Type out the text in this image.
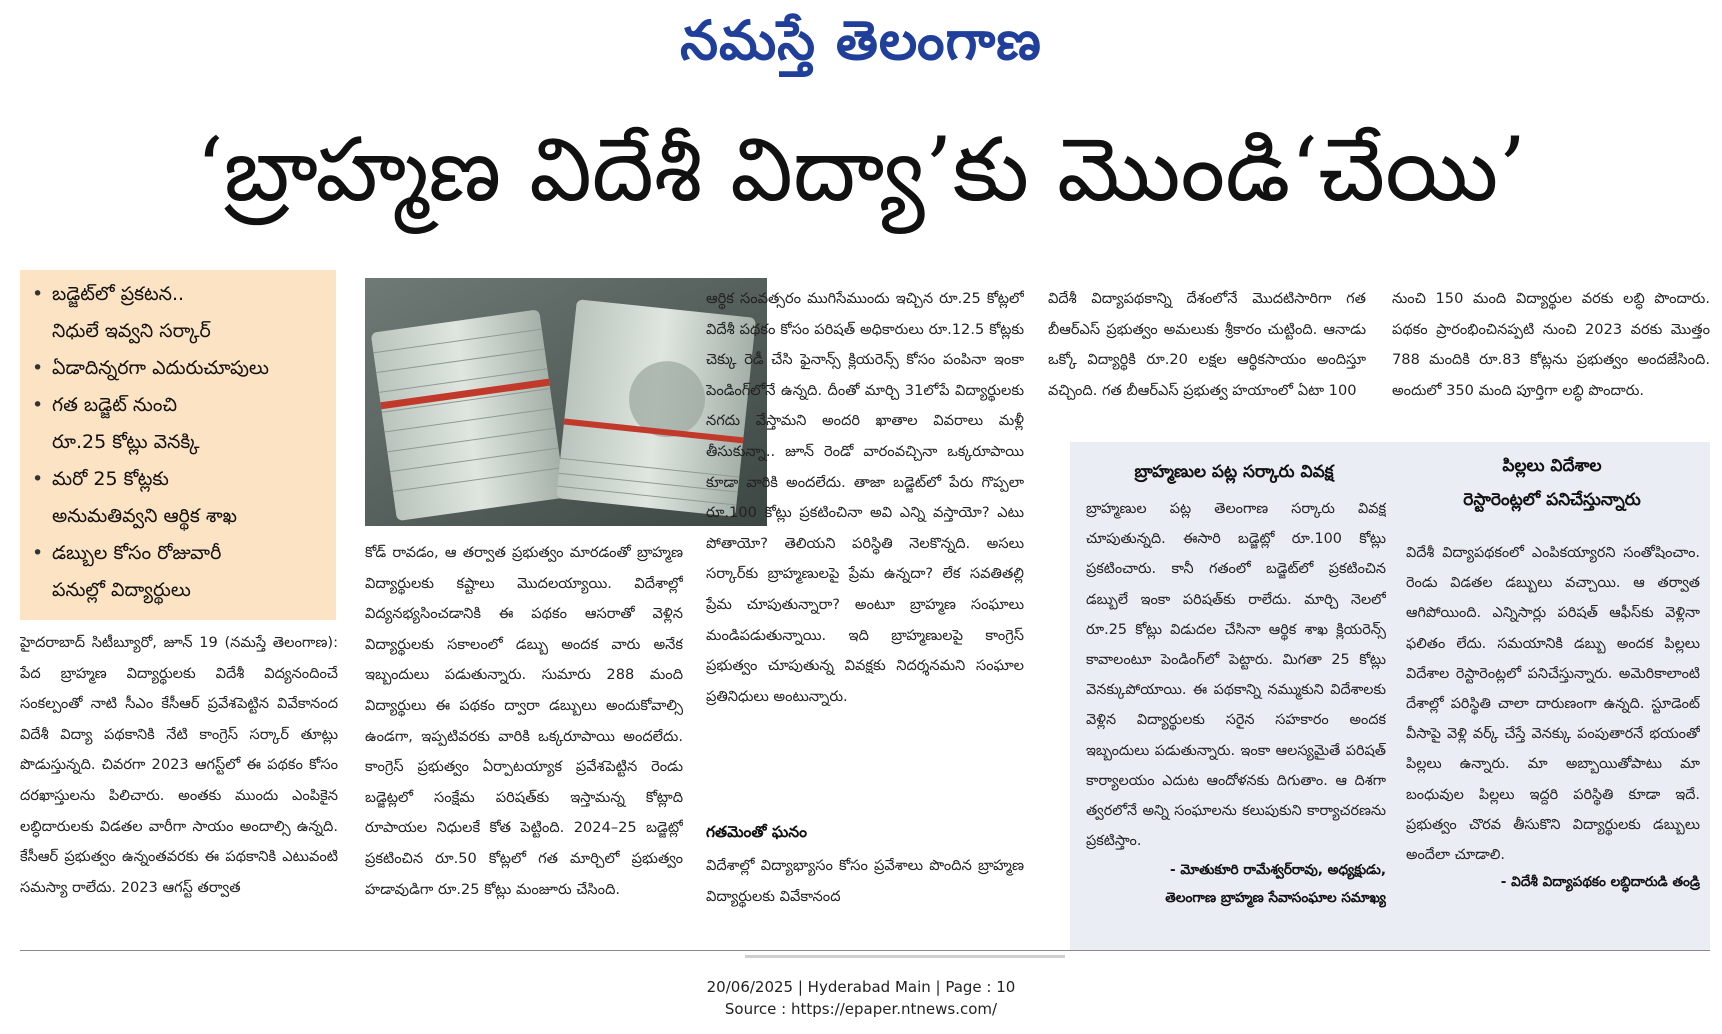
నమస్తే తెలంగాణ
‘బ్రాహ్మణ విదేశీ విద్యా’కు మొండి‘చేయి’
• బడ్జెట్‌లో ప్రకటన..
నిధులే ఇవ్వని సర్కార్
• ఏడాదిన్నరగా ఎదురుచూపులు
• గత బడ్జెట్ నుంచి
రూ.25 కోట్లు వెనక్కి
• మరో 25 కోట్లకు
అనుమతివ్వని ఆర్థిక శాఖ
• డబ్బుల కోసం రోజువారీ
పనుల్లో విద్యార్థులు

హైదరాబాద్ సిటీబ్యూరో, జూన్ 19 (నమస్తే తెలంగాణ): పేద బ్రాహ్మణ విద్యార్థులకు విదేశీ విద్యనందించే సంకల్పంతో నాటి సీఎం కేసీఆర్ ప్రవేశపెట్టిన వివేకానంద విదేశీ విద్యా పథకానికి నేటి కాంగ్రెస్ సర్కార్ తూట్లు పొడుస్తున్నది. చివరగా 2023 ఆగస్ట్‌లో ఈ పథకం కోసం దరఖాస్తులను పిలిచారు. అంతకు ముందు ఎంపికైన లబ్ధిదారులకు విడతల వారీగా సాయం అందాల్సి ఉన్నది. కేసీఆర్ ప్రభుత్వం ఉన్నంతవరకు ఈ పథకానికి ఎటువంటి సమస్యా రాలేదు. 2023 ఆగస్ట్ తర్వాత

కోడ్ రావడం, ఆ తర్వాత ప్రభుత్వం మారడంతో బ్రాహ్మణ విద్యార్థులకు కష్టాలు మొదలయ్యాయి. విదేశాల్లో విద్యనభ్యసించడానికి ఈ పథకం ఆసరాతో వెళ్లిన విద్యార్థులకు సకాలంలో డబ్బు అందక వారు అనేక ఇబ్బందులు పడుతున్నారు. సుమారు 288 మంది విద్యార్థులు ఈ పథకం ద్వారా డబ్బులు అందుకోవాల్సి ఉండగా, ఇప్పటివరకు వారికి ఒక్కరూపాయి అందలేదు. కాంగ్రెస్ ప్రభుత్వం ఏర్పాటయ్యాక ప్రవేశపెట్టిన రెండు బడ్జెట్లలో సంక్షేమ పరిషత్‌కు ఇస్తామన్న కోట్లాది రూపాయల నిధులకే కోత పెట్టింది. 2024–25 బడ్జెట్లో ప్రకటించిన రూ.50 కోట్లలో గత మార్చిలో ప్రభుత్వం హడావుడిగా రూ.25 కోట్లు మంజూరు చేసింది.

ఆర్థిక సంవత్సరం ముగిసేముందు ఇచ్చిన రూ.25 కోట్లలో విదేశీ పథకం కోసం పరిషత్ అధికారులు రూ.12.5 కోట్లకు చెక్కు రెడీ చేసి ఫైనాన్స్ క్లియరెన్స్ కోసం పంపినా ఇంకా పెండింగ్‌లోనే ఉన్నది. దీంతో మార్చి 31లోపే విద్యార్థులకు నగదు వేస్తామని అందరి ఖాతాల వివరాలు మళ్లీ తీసుకున్నా.. జూన్ రెండో వారంవచ్చినా ఒక్కరూపాయి కూడా వారికి అందలేదు. తాజా బడ్జెట్‌లో పేరు గొప్పలా రూ.100 కోట్లు ప్రకటించినా అవి ఎన్ని వస్తాయో? ఎటు పోతాయో? తెలియని పరిస్థితి నెలకొన్నది. అసలు సర్కార్‌కు బ్రాహ్మణులపై ప్రేమ ఉన్నదా? లేక సవతితల్లి ప్రేమ చూపుతున్నారా? అంటూ బ్రాహ్మణ సంఘాలు మండిపడుతున్నాయి. ఇది బ్రాహ్మణులపై కాంగ్రెస్ ప్రభుత్వం చూపుతున్న వివక్షకు నిదర్శనమని సంఘాల ప్రతినిధులు అంటున్నారు.

గతమెంతో ఘనం

విదేశాల్లో విద్యాభ్యాసం కోసం ప్రవేశాలు పొందిన బ్రాహ్మణ విద్యార్థులకు వివేకానంద

విదేశీ విద్యాపథకాన్ని దేశంలోనే మొదటిసారిగా గత బీఆర్‌ఎస్ ప్రభుత్వం అమలుకు శ్రీకారం చుట్టింది. ఆనాడు ఒక్కో విద్యార్థికి రూ.20 లక్షల ఆర్థికసాయం అందిస్తూ వచ్చింది. గత బీఆర్‌ఎస్ ప్రభుత్వ హయాంలో ఏటా 100

నుంచి 150 మంది విద్యార్థుల వరకు లబ్ధి పొందారు. పథకం ప్రారంభించినప్పటి నుంచి 2023 వరకు మొత్తం 788 మందికి రూ.83 కోట్లను ప్రభుత్వం అందజేసింది. అందులో 350 మంది పూర్తిగా లబ్ధి పొందారు.

బ్రాహ్మణుల పట్ల సర్కారు వివక్ష

బ్రాహ్మణుల పట్ల తెలంగాణ సర్కారు వివక్ష చూపుతున్నది. ఈసారి బడ్జెట్లో రూ.100 కోట్లు ప్రకటించారు. కానీ గతంలో బడ్జెట్‌లో ప్రకటించిన డబ్బులే ఇంకా పరిషత్‌కు రాలేదు. మార్చి నెలలో రూ.25 కోట్లు విడుదల చేసినా ఆర్థిక శాఖ క్లియరెన్స్ కావాలంటూ పెండింగ్‌లో పెట్టారు. మిగతా 25 కోట్లు వెనక్కుపోయాయి. ఈ పథకాన్ని నమ్ముకుని విదేశాలకు వెళ్లిన విద్యార్థులకు సరైన సహకారం అందక ఇబ్బందులు పడుతున్నారు. ఇంకా ఆలస్యమైతే పరిషత్ కార్యాలయం ఎదుట ఆందోళనకు దిగుతాం. ఆ దిశగా త్వరలోనే అన్ని సంఘాలను కలుపుకుని కార్యాచరణను ప్రకటిస్తాం.

- మోతుకూరి రామేశ్వర్‌రావు, అధ్యక్షుడు,

తెలంగాణ బ్రాహ్మణ సేవాసంఘాల సమాఖ్య

పిల్లలు విదేశాల
రెస్టారెంట్లలో పనిచేస్తున్నారు

విదేశీ విద్యాపథకంలో ఎంపికయ్యారని సంతోషించాం. రెండు విడతల డబ్బులు వచ్చాయి. ఆ తర్వాత ఆగిపోయింది. ఎన్నిసార్లు పరిషత్ ఆఫీస్‌కు వెళ్లినా ఫలితం లేదు. సమయానికి డబ్బు అందక పిల్లలు విదేశాల రెస్టారెంట్లలో పనిచేస్తున్నారు. అమెరికాలాంటి దేశాల్లో పరిస్థితి చాలా దారుణంగా ఉన్నది. స్టూడెంట్ వీసాపై వెళ్లి వర్క్ చేస్తే వెనక్కు పంపుతారనే భయంతో పిల్లలు ఉన్నారు. మా అబ్బాయితోపాటు మా బంధువుల పిల్లలు ఇద్దరి పరిస్థితి కూడా ఇదే. ప్రభుత్వం చొరవ తీసుకొని విద్యార్థులకు డబ్బులు అందేలా చూడాలి.

- విదేశీ విద్యాపథకం లబ్ధిదారుడి తండ్రి

20/06/2025 | Hyderabad Main | Page : 10
Source : https://epaper.ntnews.com/
